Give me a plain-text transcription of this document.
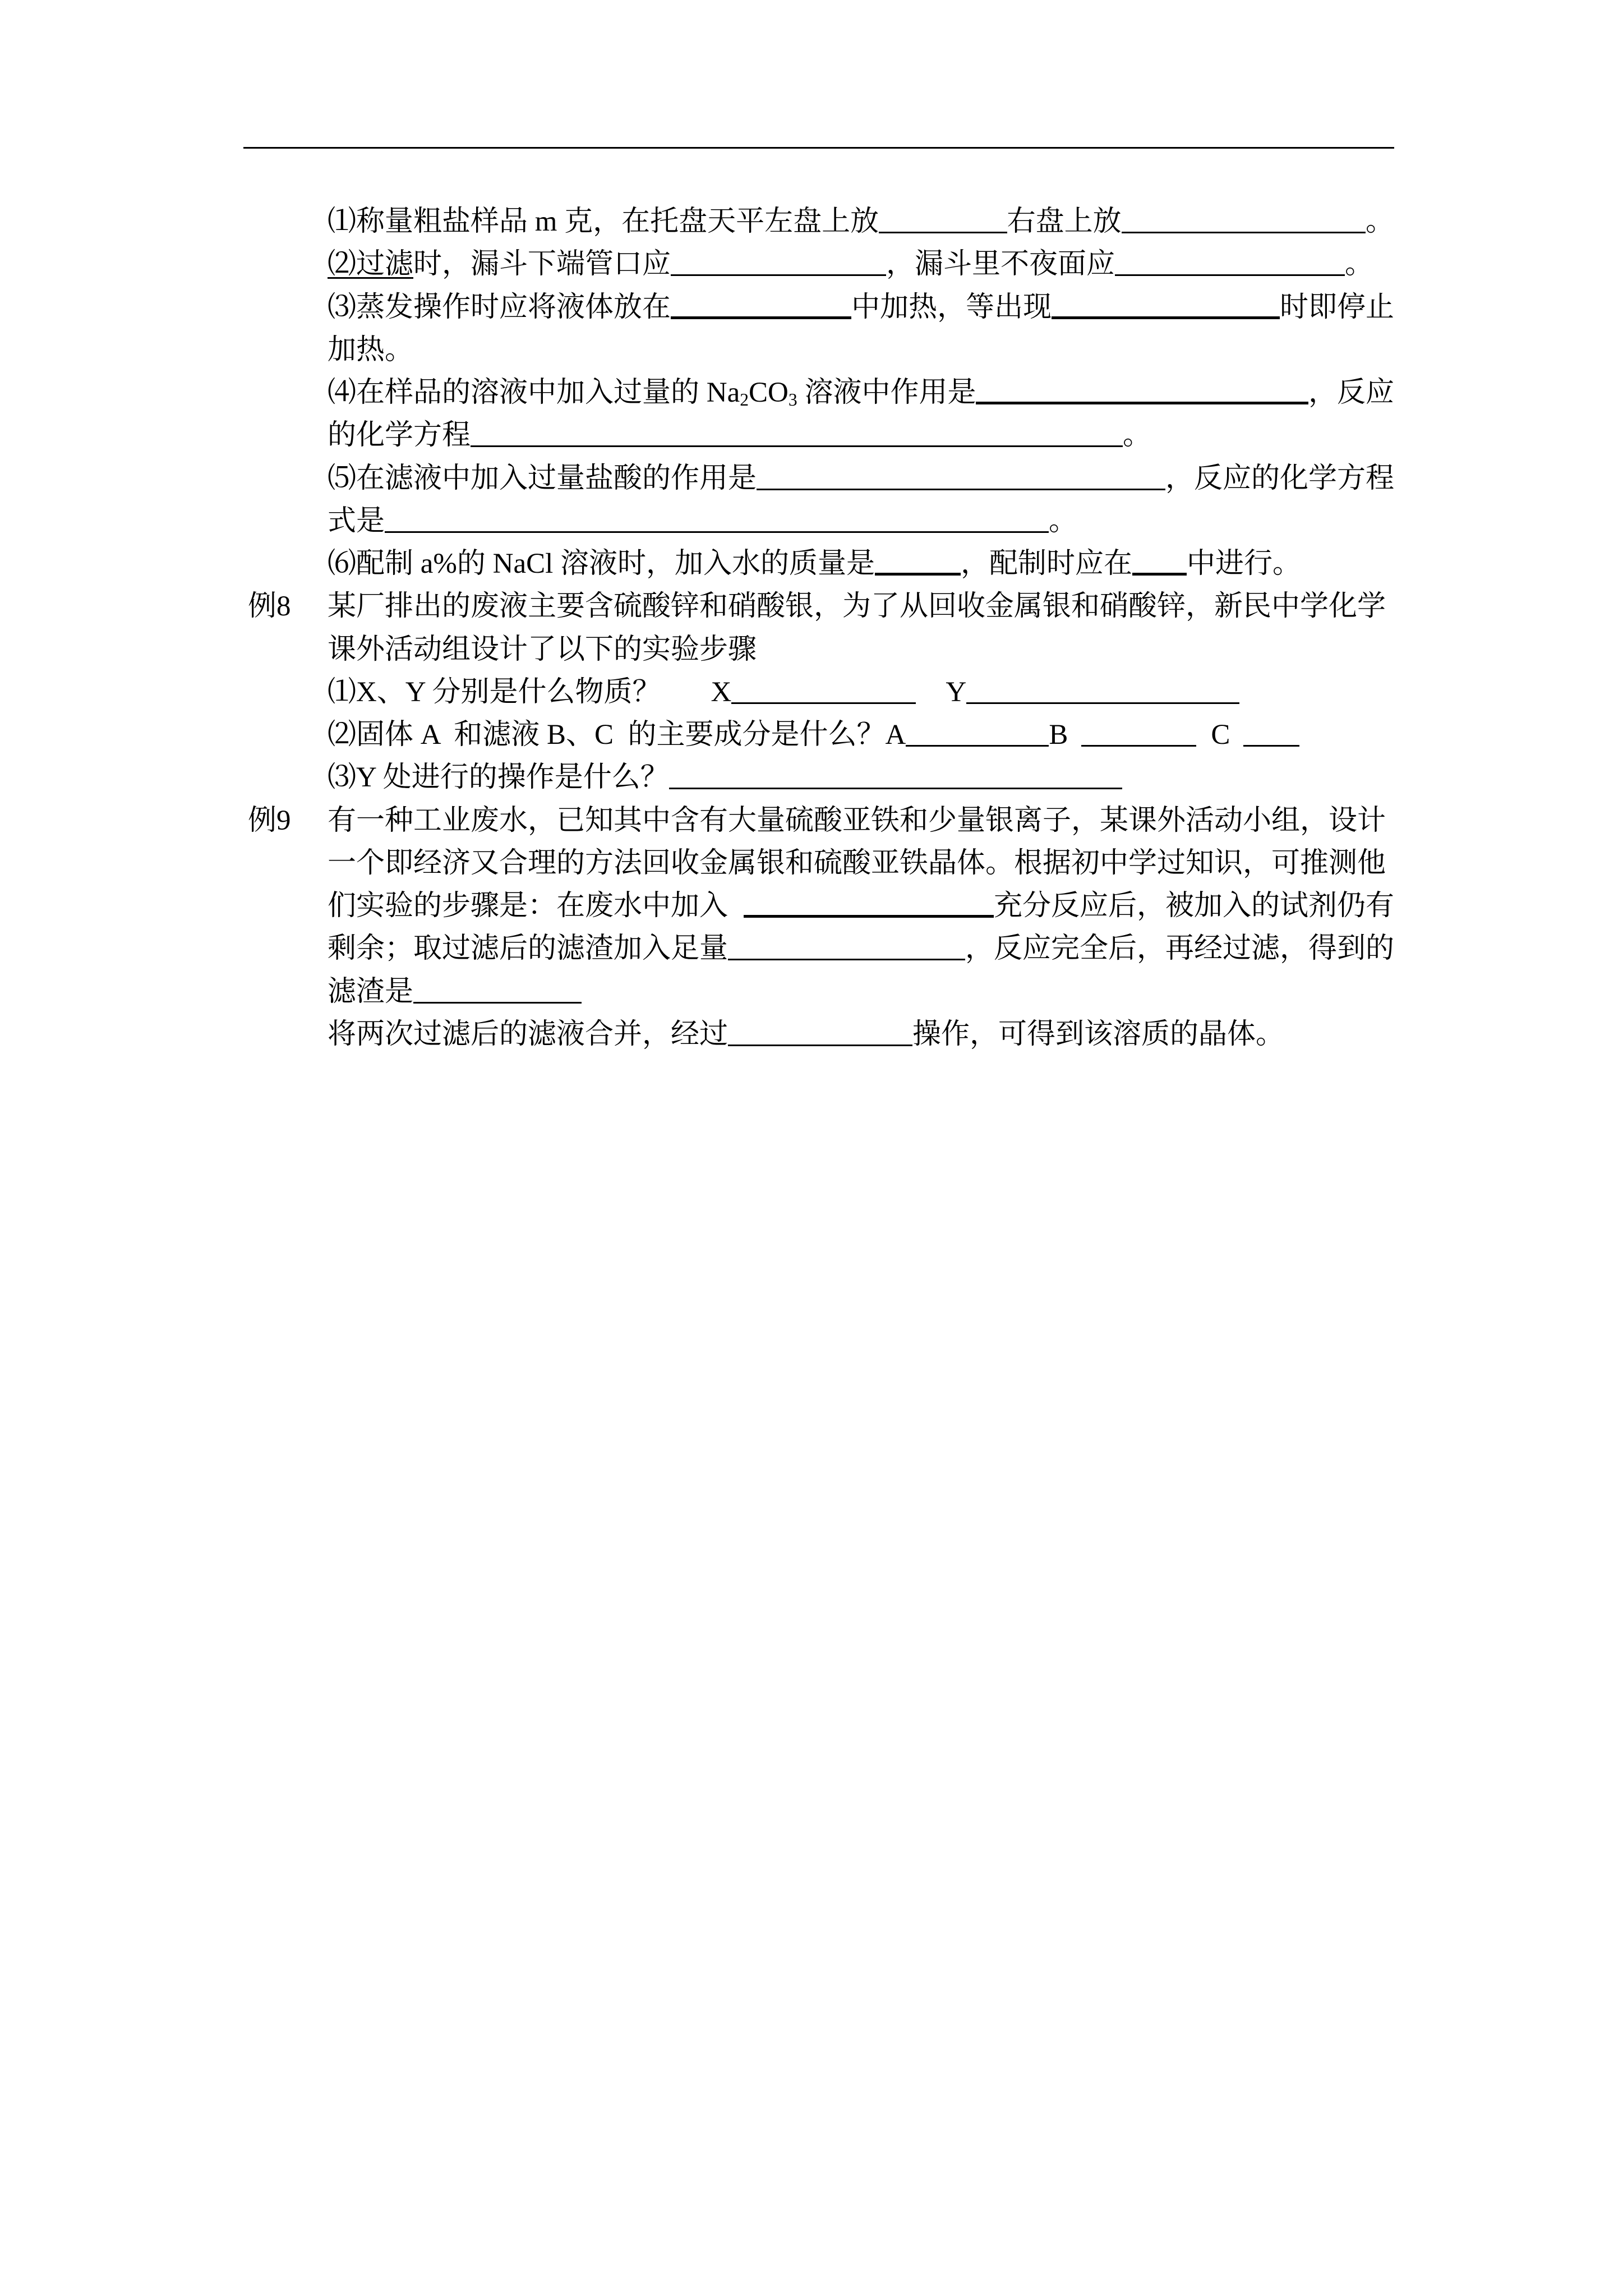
⑴称量粗盐样品 m 克，在托盘天平左盘上放	右盘上放	。
⑵过滤 时，漏斗下端管口应	，漏斗里不夜面应	。
⑶蒸发操作时应将液体放在	中加热，等出现	时即停止
加热。
⑷在样品的溶液中加入过量的 $Na_2CO_3$ 溶液中作用是	，反应
的化学方程	。
⑸在滤液中加入过量盐酸的作用是	，反应的化学方程
式是	。
⑹配制 a%的 NaCl 溶液时，加入水的质量是	，配制时应在 中进行。
例8 某厂排出的废液主要含硫酸锌和硝酸银，为了从回收金属银和硝酸锌，新民中学化学
课外活动组设计了以下的实验步骤
⑴X、Y 分别是什么物质？ X	Y
⑵固体 A  和滤液 B、C  的主要成分是什么？A	B	C
⑶Y 处进行的操作是什么？
例9 有一种工业废水，已知其中含有大量硫酸亚铁和少量银离子，某课外活动小组，设计
一个即经济又合理的方法回收金属银和硫酸亚铁晶体。根据初中学过知识，可推测他
们实验的步骤是：在废水中加入	充分反应后，被加入的试剂仍有
剩余；取过滤后的滤渣加入足量	，反应完全后，再经过滤，得到的
滤渣是
将两次过滤后的滤液合并，经过	操作，可得到该溶质的晶体。
